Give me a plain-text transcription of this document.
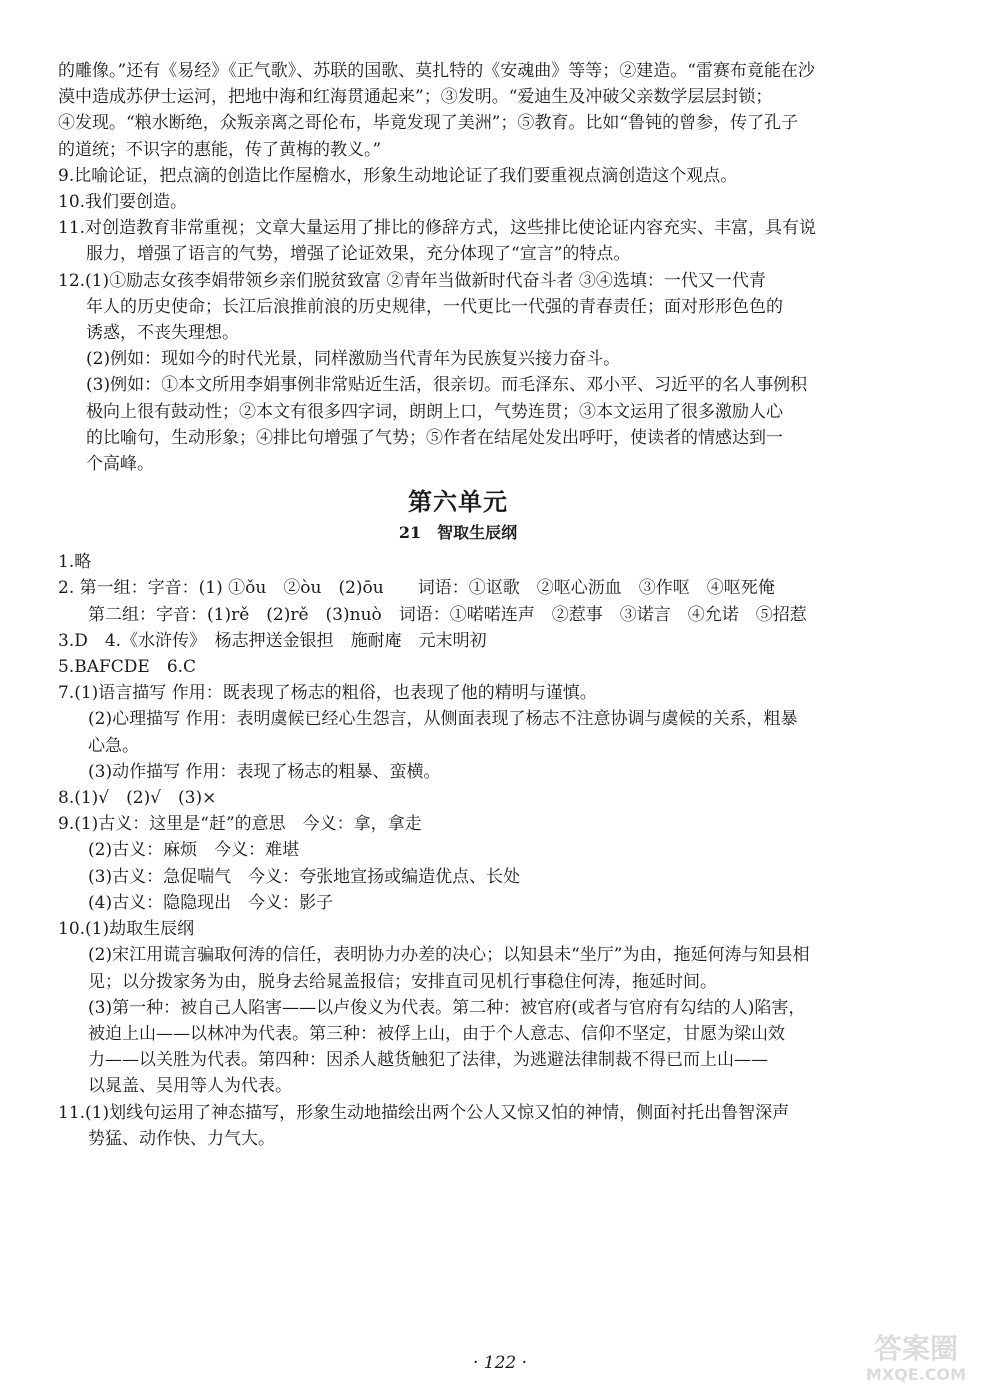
的雕像。”还有《易经》《正气歌》、苏联的国歌、莫扎特的《安魂曲》等等；②建造。“雷赛布竟能在沙

漠中造成苏伊士运河，把地中海和红海贯通起来”；③发明。“爱迪生及冲破父亲数学层层封锁；

④发现。“粮水断绝，众叛亲离之哥伦布，毕竟发现了美洲”；⑤教育。比如“鲁钝的曾参，传了孔子

的道统；不识字的惠能，传了黄梅的教义。”

9.比喻论证，把点滴的创造比作屋檐水，形象生动地论证了我们要重视点滴创造这个观点。

10.我们要创造。

11.对创造教育非常重视；文章大量运用了排比的修辞方式，这些排比使论证内容充实、丰富，具有说

服力，增强了语言的气势，增强了论证效果，充分体现了“宣言”的特点。

12.(1)①励志女孩李娟带领乡亲们脱贫致富 ②青年当做新时代奋斗者 ③④选填：一代又一代青

年人的历史使命；长江后浪推前浪的历史规律，一代更比一代强的青春责任；面对形形色色的

诱惑，不丧失理想。

(2)例如：现如今的时代光景，同样激励当代青年为民族复兴接力奋斗。

(3)例如：①本文所用李娟事例非常贴近生活，很亲切。而毛泽东、邓小平、习近平的名人事例积

极向上很有鼓动性；②本文有很多四字词，朗朗上口，气势连贯；③本文运用了很多激励人心

的比喻句，生动形象；④排比句增强了气势；⑤作者在结尾处发出呼吁，使读者的情感达到一

个高峰。

第六单元
21　智取生辰纲

1.略

2. 第一组：字音：(1) ①ǒu　②òu　(2)ōu　　词语：①讴歌　②呕心沥血　③作呕　④呕死俺

第二组：字音：(1)rě　(2)rě　(3)nuò　词语：①喏喏连声　②惹事　③诺言　④允诺　⑤招惹

3.D　4.《水浒传》　杨志押送金银担　施耐庵　元末明初

5.BAFCDE　6.C

7.(1)语言描写 作用：既表现了杨志的粗俗，也表现了他的精明与谨慎。

(2)心理描写 作用：表明虞候已经心生怨言，从侧面表现了杨志不注意协调与虞候的关系，粗暴

心急。

(3)动作描写 作用：表现了杨志的粗暴、蛮横。

8.(1)√　(2)√　(3)×

9.(1)古义：这里是“赶”的意思　今义：拿，拿走

(2)古义：麻烦　今义：难堪

(3)古义：急促喘气　今义：夸张地宣扬或编造优点、长处

(4)古义：隐隐现出　今义：影子

10.(1)劫取生辰纲

(2)宋江用谎言骗取何涛的信任，表明协力办差的决心；以知县未“坐厅”为由，拖延何涛与知县相

见；以分拨家务为由，脱身去给晁盖报信；安排直司见机行事稳住何涛，拖延时间。

(3)第一种：被自己人陷害——以卢俊义为代表。第二种：被官府(或者与官府有勾结的人)陷害，

被迫上山——以林冲为代表。第三种：被俘上山，由于个人意志、信仰不坚定，甘愿为梁山效

力——以关胜为代表。第四种：因杀人越货触犯了法律，为逃避法律制裁不得已而上山——

以晁盖、吴用等人为代表。

11.(1)划线句运用了神态描写，形象生动地描绘出两个公人又惊又怕的神情，侧面衬托出鲁智深声

势猛、动作快、力气大。

· 122 ·	答案圈
MXQE.COM
